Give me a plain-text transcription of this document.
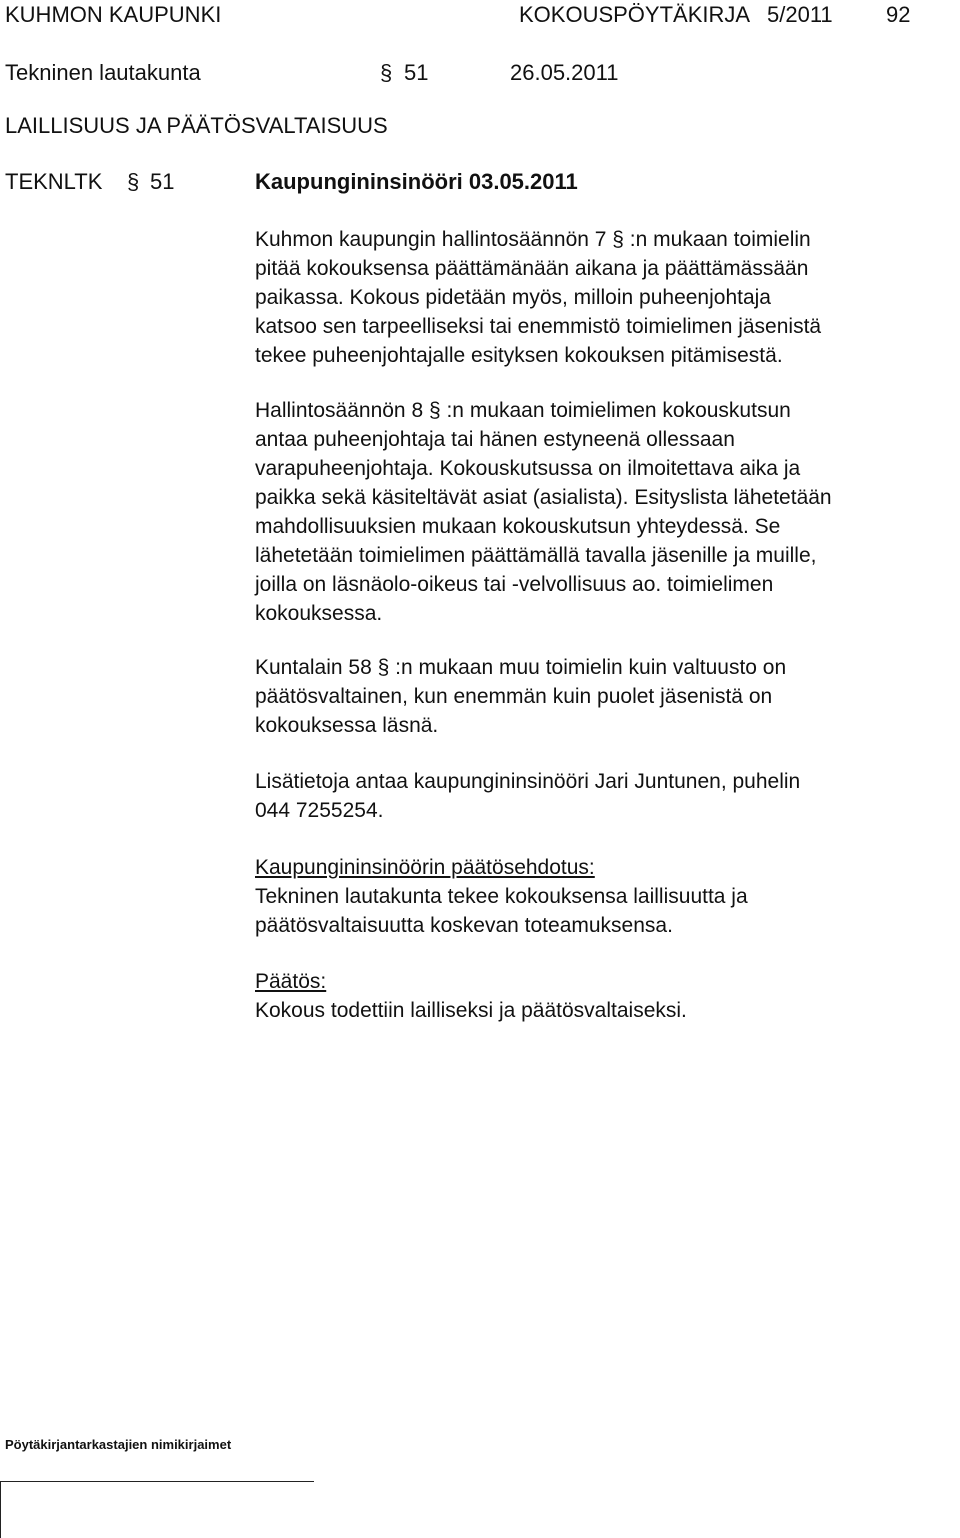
KUHMON KAUPUNKI	KOKOUSPÖYTÄKIRJA 5/2011 92
Tekninen lautakunta	§ 51	26.05.2011
LAILLISUUS JA PÄÄTÖSVALTAISUUS
TEKNLTK § 51	Kaupungininsinööri 03.05.2011
Kuhmon kaupungin hallintosäännön 7 § :n mukaan toimielin
pitää kokouksensa päättämänään aikana ja päättämässään
paikassa. Kokous pidetään myös, milloin puheenjohtaja
katsoo sen tarpeelliseksi tai enemmistö toimielimen jäsenistä
tekee puheenjohtajalle esityksen kokouksen pitämisestä.
Hallintosäännön 8 § :n mukaan toimielimen kokouskutsun
antaa puheenjohtaja tai hänen estyneenä ollessaan
varapuheenjohtaja. Kokouskutsussa on ilmoitettava aika ja
paikka sekä käsiteltävät asiat (asialista). Esityslista lähetetään
mahdollisuuksien mukaan kokouskutsun yhteydessä. Se
lähetetään toimielimen päättämällä tavalla jäsenille ja muille,
joilla on läsnäolo-oikeus tai -velvollisuus ao. toimielimen
kokouksessa.
Kuntalain 58 § :n mukaan muu toimielin kuin valtuusto on
päätösvaltainen, kun enemmän kuin puolet jäsenistä on
kokouksessa läsnä.
Lisätietoja antaa kaupungininsinööri Jari Juntunen, puhelin
044 7255254.
Kaupungininsinöörin päätösehdotus:
Tekninen lautakunta tekee kokouksensa laillisuutta ja
päätösvaltaisuutta koskevan toteamuksensa.
Päätös:
Kokous todettiin lailliseksi ja päätösvaltaiseksi.
Pöytäkirjantarkastajien nimikirjaimet
